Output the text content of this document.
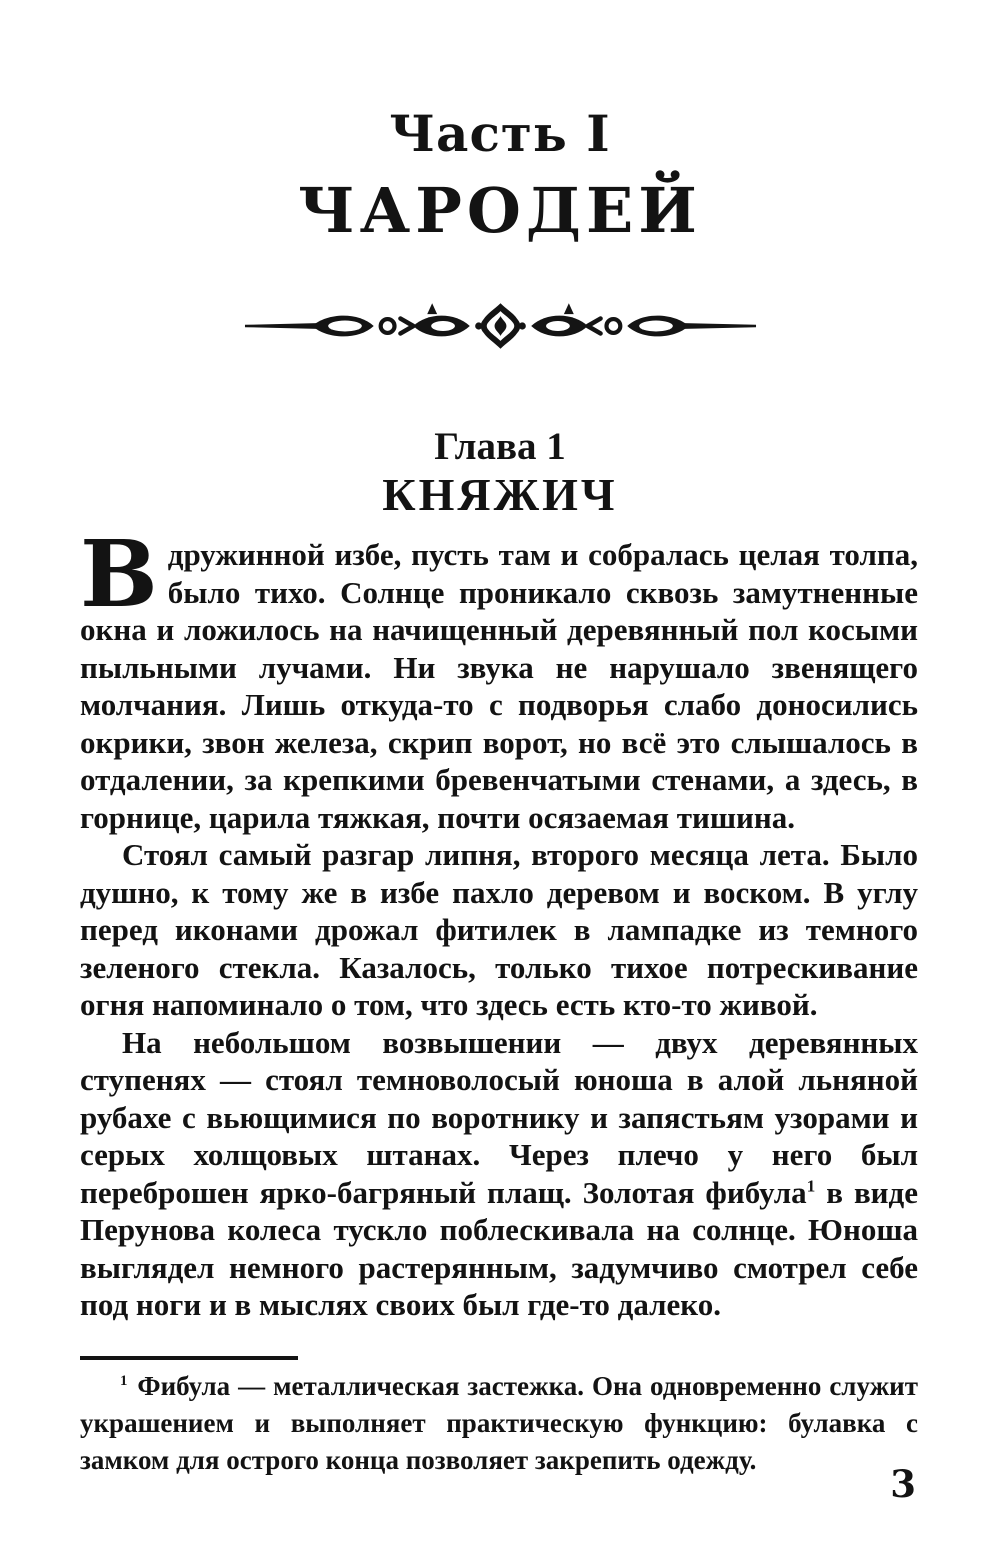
Часть I
ЧАРОДЕЙ
Глава 1
КНЯЖИЧ

Вдружинной избе, пусть там и собралась целая толпа, было тихо. Солнце проникало сквозь замутненные окна и ложилось на начищенный деревянный пол косыми пыльными лучами. Ни звука не нарушало звенящего молчания. Лишь откуда-то с подворья слабо доносились окрики, звон железа, скрип ворот, но всё это слышалось в отдалении, за крепкими бревенчатыми стенами, а здесь, в горнице, царила тяжкая, почти осязаемая тишина.

Стоял самый разгар липня, второго месяца лета. Было душно, к тому же в избе пахло деревом и воском. В углу перед иконами дрожал фитилек в лампадке из темного зеленого стекла. Казалось, только тихое потрескивание огня напоминало о том, что здесь есть кто-то живой.

На небольшом возвышении — двух деревянных ступенях — стоял темноволосый юноша в алой льняной рубахе с вьющимися по воротнику и запястьям узорами и серых холщовых штанах. Через плечо у него был переброшен ярко-багряный плащ. Золотая фибула$^1$ в виде Перунова колеса тускло поблескивала на солнце. Юноша выглядел немного растерянным, задумчиво смотрел себе под ноги и в мыслях своих был где-то далеко.

$^1$ Фибула — металлическая застежка. Она одновременно служит украшением и выполняет практическую функцию: булавка с замком для острого конца позволяет закрепить одежду.

3
